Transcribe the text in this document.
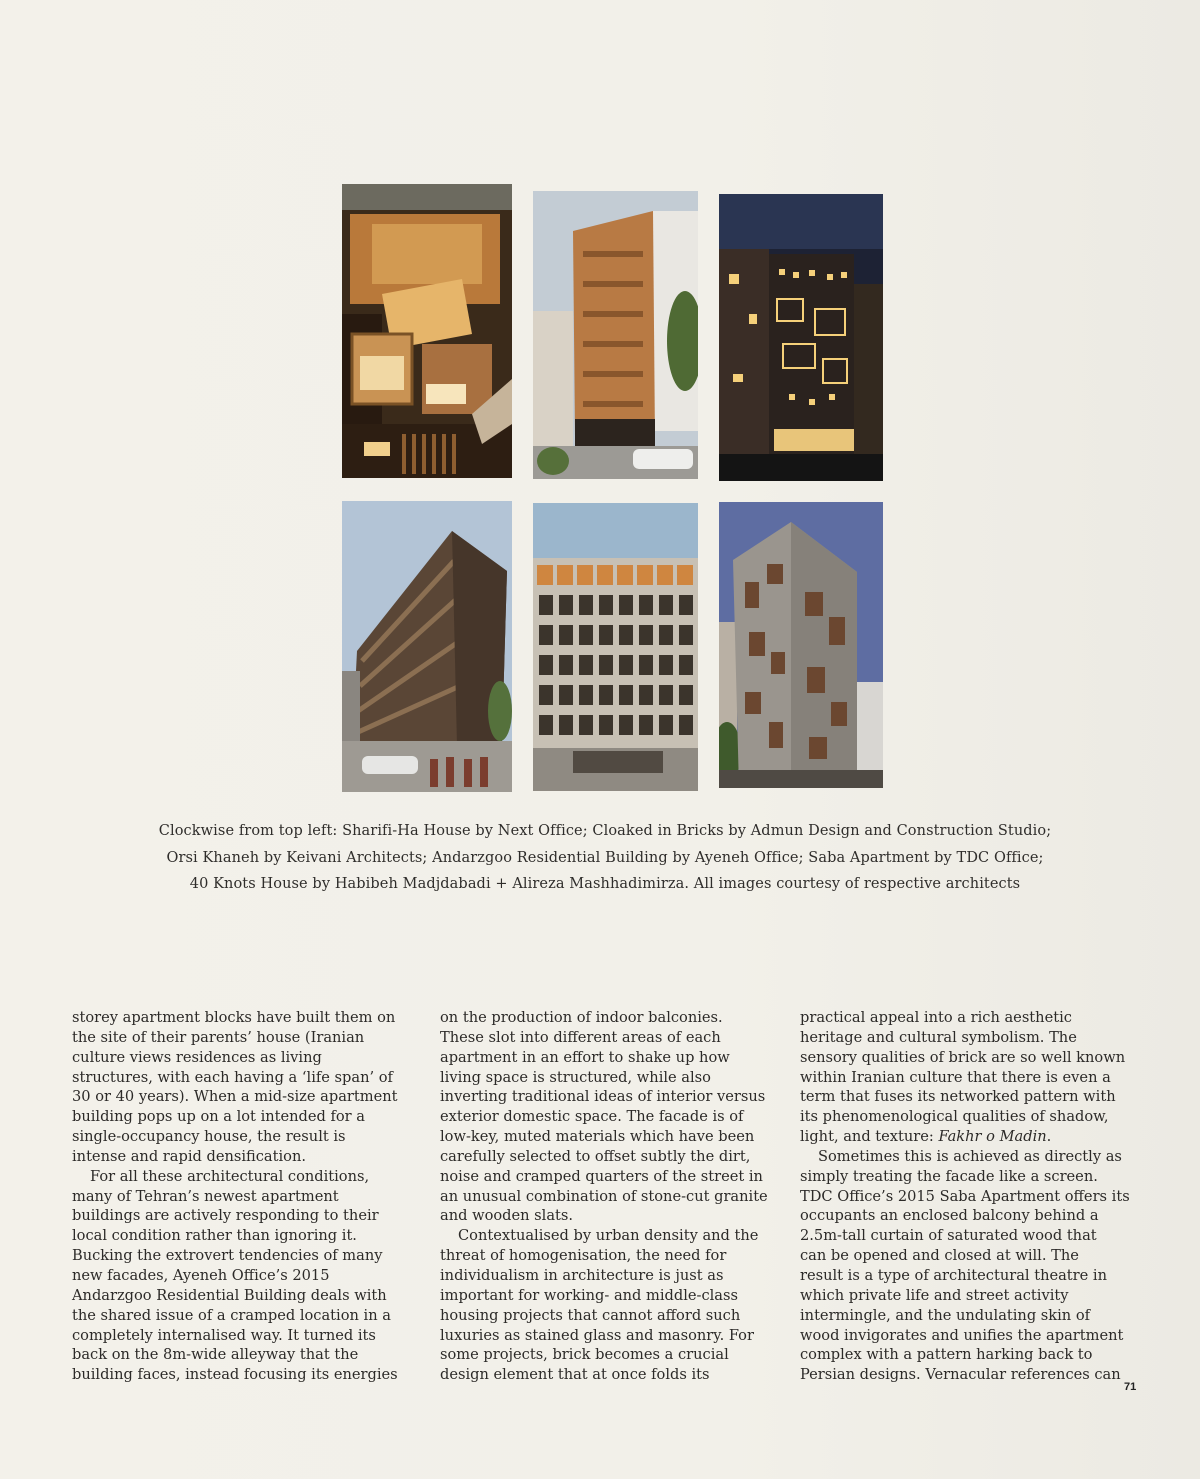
Clockwise from top left: Sharifi-Ha House by Next Office; Cloaked in Bricks by Admun Design and Construction Studio;
Orsi Khaneh by Keivani Architects; Andarzgoo Residential Building by Ayeneh Office; Saba Apartment by TDC Office;
40 Knots House by Habibeh Madjdabadi + Alireza Mashhadimirza. All images courtesy of respective architects
storey apartment blocks have built them on
the site of their parents’ house (Iranian
culture views residences as living
structures, with each having a ‘life span’ of
30 or 40 years). When a mid-size apartment
building pops up on a lot intended for a
single-occupancy house, the result is
intense and rapid densification.
For all these architectural conditions,
many of Tehran’s newest apartment
buildings are actively responding to their
local condition rather than ignoring it.
Bucking the extrovert tendencies of many
new facades, Ayeneh Office’s 2015
Andarzgoo Residential Building deals with
the shared issue of a cramped location in a
completely internalised way. It turned its
back on the 8m-wide alleyway that the
building faces, instead focusing its energies
on the production of indoor balconies.
These slot into different areas of each
apartment in an effort to shake up how
living space is structured, while also
inverting traditional ideas of interior versus
exterior domestic space. The facade is of
low-key, muted materials which have been
carefully selected to offset subtly the dirt,
noise and cramped quarters of the street in
an unusual combination of stone-cut granite
and wooden slats.
Contextualised by urban density and the
threat of homogenisation, the need for
individualism in architecture is just as
important for working- and middle-class
housing projects that cannot afford such
luxuries as stained glass and masonry. For
some projects, brick becomes a crucial
design element that at once folds its
practical appeal into a rich aesthetic
heritage and cultural symbolism. The
sensory qualities of brick are so well known
within Iranian culture that there is even a
term that fuses its networked pattern with
its phenomenological qualities of shadow,
light, and texture: Fakhr o Madin.
Sometimes this is achieved as directly as
simply treating the facade like a screen.
TDC Office’s 2015 Saba Apartment offers its
occupants an enclosed balcony behind a
2.5m-tall curtain of saturated wood that
can be opened and closed at will. The
result is a type of architectural theatre in
which private life and street activity
intermingle, and the undulating skin of
wood invigorates and unifies the apartment
complex with a pattern harking back to
Persian designs. Vernacular references can
71
